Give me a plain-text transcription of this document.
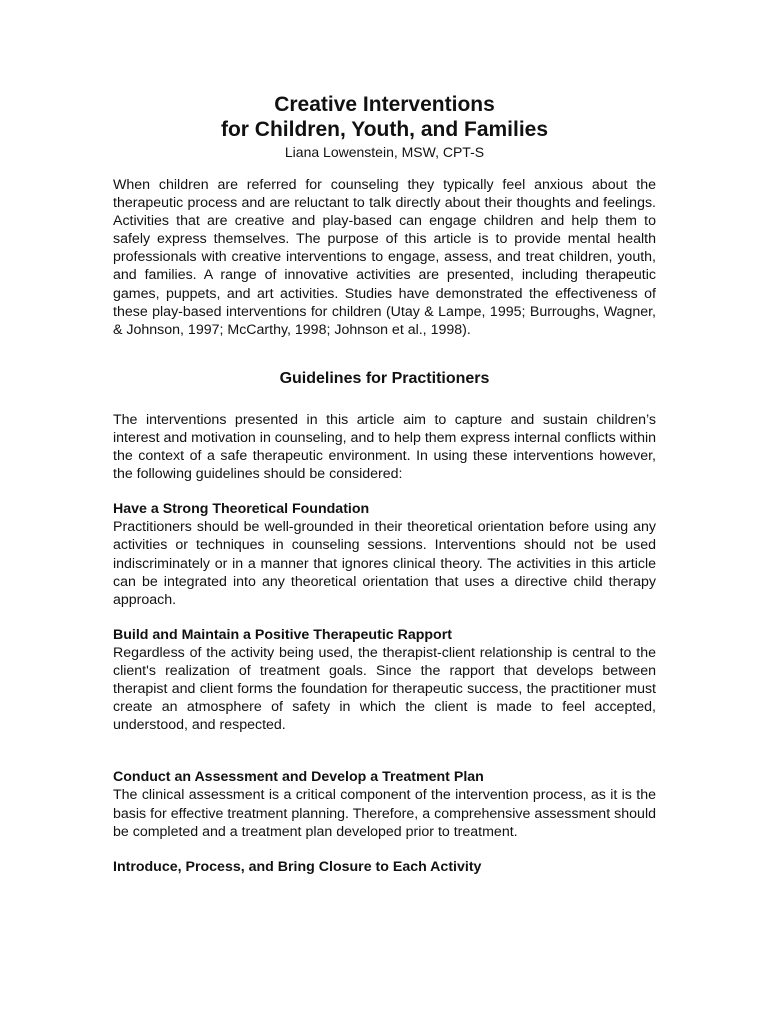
Creative Interventions
for Children, Youth, and Families

Liana Lowenstein, MSW, CPT-S

When children are referred for counseling they typically feel anxious about the therapeutic process and are reluctant to talk directly about their thoughts and feelings. Activities that are creative and play-based can engage children and help them to safely express themselves. The purpose of this article is to provide mental health professionals with creative interventions to engage, assess, and treat children, youth, and families. A range of innovative activities are presented, including therapeutic games, puppets, and art activities. Studies have demonstrated the effectiveness of these play-based interventions for children (Utay & Lampe, 1995; Burroughs, Wagner, & Johnson, 1997; McCarthy, 1998; Johnson et al., 1998).

Guidelines for Practitioners

The interventions presented in this article aim to capture and sustain children’s interest and motivation in counseling, and to help them express internal conflicts within the context of a safe therapeutic environment. In using these interventions however, the following guidelines should be considered:

Have a Strong Theoretical Foundation

Practitioners should be well-grounded in their theoretical orientation before using any activities or techniques in counseling sessions. Interventions should not be used indiscriminately or in a manner that ignores clinical theory. The activities in this article can be integrated into any theoretical orientation that uses a directive child therapy approach.

Build and Maintain a Positive Therapeutic Rapport

Regardless of the activity being used, the therapist-client relationship is central to the client's realization of treatment goals. Since the rapport that develops between therapist and client forms the foundation for therapeutic success, the practitioner must create an atmosphere of safety in which the client is made to feel accepted, understood, and respected.

Conduct an Assessment and Develop a Treatment Plan

The clinical assessment is a critical component of the intervention process, as it is the basis for effective treatment planning. Therefore, a comprehensive assessment should be completed and a treatment plan developed prior to treatment.

Introduce, Process, and Bring Closure to Each Activity
